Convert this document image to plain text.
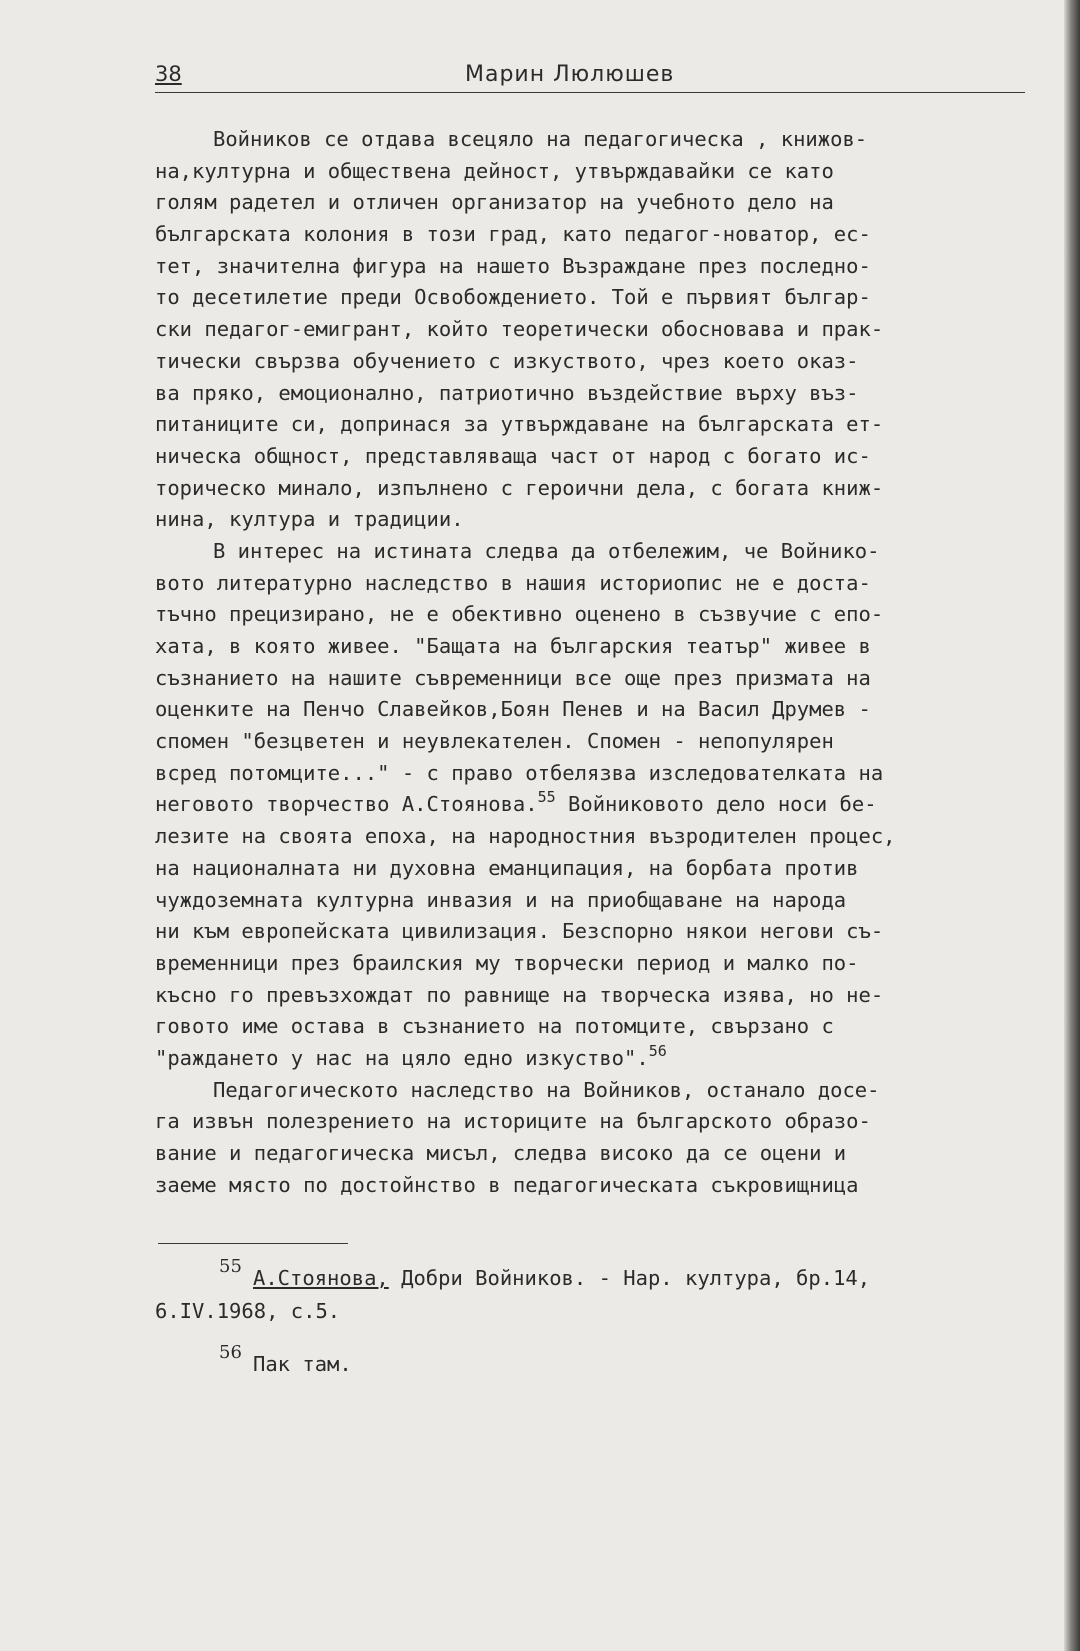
38	Марин Люлюшев
Войников се отдава всецяло на педагогическа , книжов-
на,културна и обществена дейност, утвърждавайки се като
голям радетел и отличен организатор на учебното дело на
българската колония в този град, като педагог-новатор, ес-
тет, значителна фигура на нашето Възраждане през последно-
то десетилетие преди Освобождението. Той е първият българ-
ски педагог-емигрант, който теоретически обосновава и прак-
тически свързва обучението с изкуството, чрез което оказ-
ва пряко, емоционално, патриотично въздействие върху въз-
питаниците си, допринася за утвърждаване на българската ет-
ническа общност, представляваща част от народ с богато ис-
торическо минало, изпълнено с героични дела, с богата книж-
нина, култура и традиции.
В интерес на истината следва да отбележим, че Войнико-
вото литературно наследство в нашия историопис не е доста-
тъчно прецизирано, не е обективно оценено в съзвучие с епо-
хата, в която живее. "Бащата на българския театър" живее в
съзнанието на нашите съвременници все още през призмата на
оценките на Пенчо Славейков,Боян Пенев и на Васил Друмев -
спомен "безцветен и неувлекателен. Спомен - непопулярен
всред потомците..." - с право отбелязва изследователката на
неговото творчество А.Стоянова.$^{55}$ Войниковото дело носи бе-
лезите на своята епоха, на народностния възродителен процес,
на националната ни духовна еманципация, на борбата против
чуждоземната културна инвазия и на приобщаване на народа
ни към европейската цивилизация. Безспорно някои негови съ-
временници през браилския му творчески период и малко по-
късно го превъзхождат по равнище на творческа изява, но не-
говото име остава в съзнанието на потомците, свързано с
"раждането у нас на цяло едно изкуство".$^{56}$
Педагогическото наследство на Войников, останало досе-
га извън полезрението на историците на българското образо-
вание и педагогическа мисъл, следва високо да се оцени и
заеме място по достойнство в педагогическата съкровищница
55 А.Стоянова, Добри Войников. - Нар. култура, бр.14,
6.IV.1968, с.5.
56 Пак там.
